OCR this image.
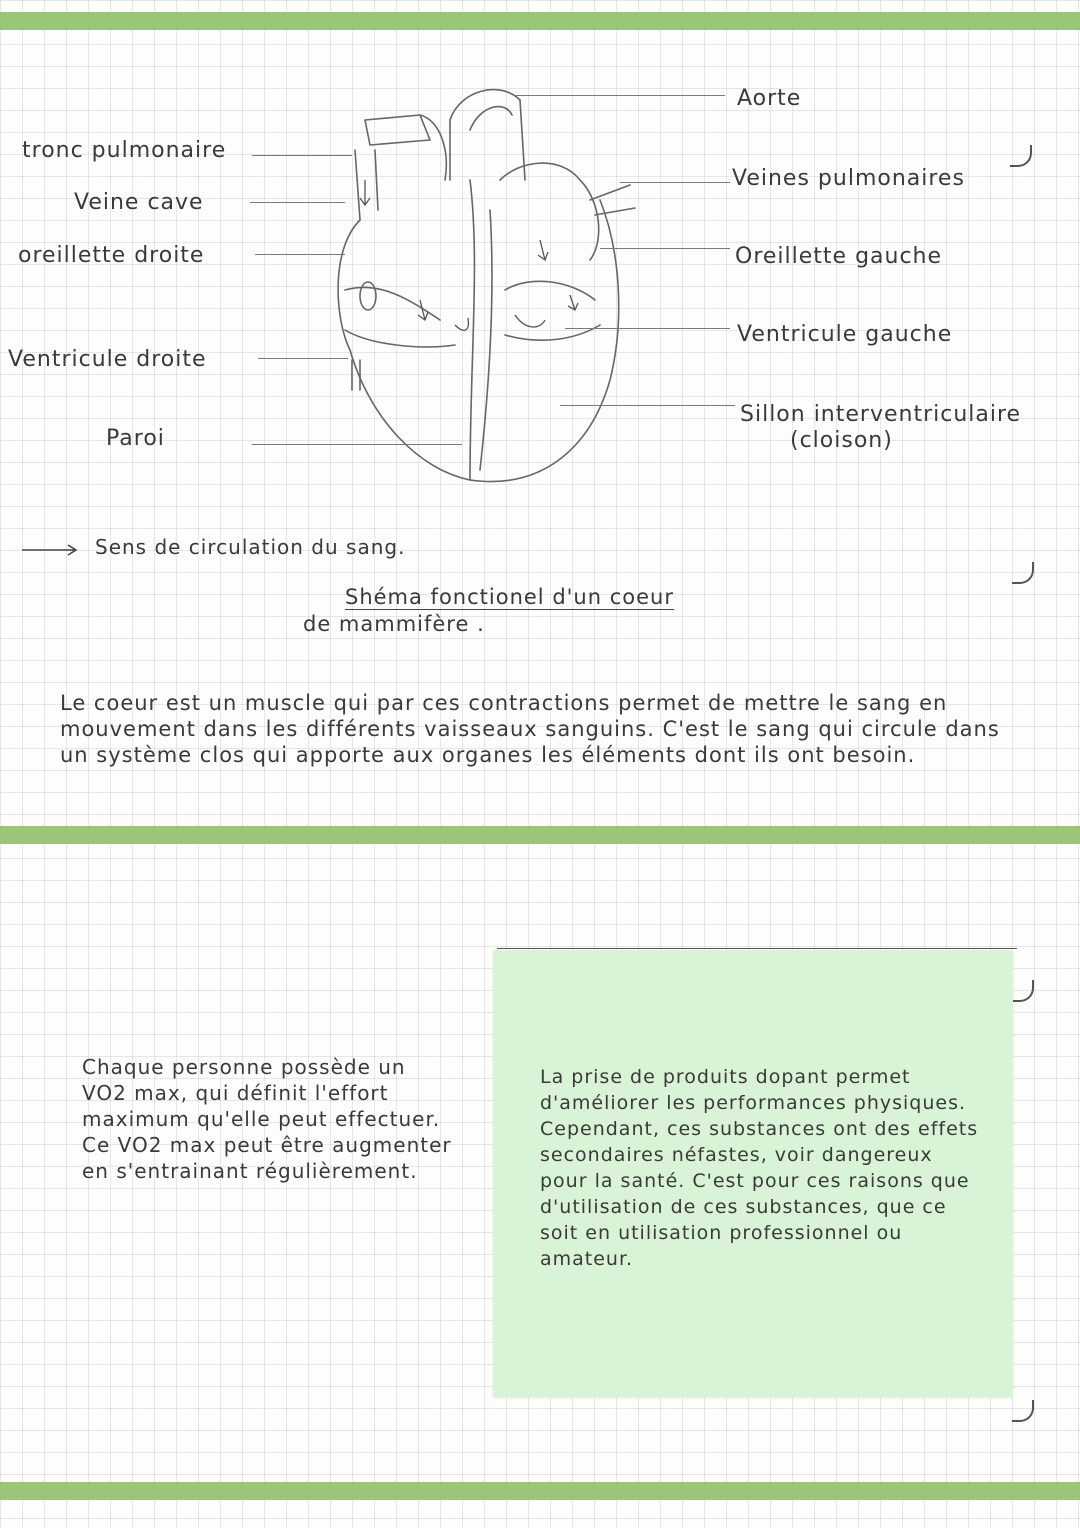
tronc pulmonaire
Veine cave
oreillette droite
Ventricule droite
Paroi
Aorte
Veines pulmonaires
Oreillette gauche
Ventricule gauche
Sillon interventriculaire
(cloison)
Sens de circulation du sang.
Shéma fonctionel d'un coeur
de mammifère .
Le coeur est un muscle qui par ces contractions permet de mettre le sang en mouvement dans les différents vaisseaux sanguins. C'est le sang qui circule dans un système clos qui apporte aux organes les éléments dont ils ont besoin.
Chaque personne possède un VO2 max, qui définit l'effort maximum qu'elle peut effectuer. Ce VO2 max peut être augmenter en s'entrainant régulièrement.
La prise de produits dopant permet d'améliorer les performances physiques. Cependant, ces substances ont des effets secondaires néfastes, voir dangereux pour la santé. C'est pour ces raisons que d'utilisation de ces substances, que ce soit en utilisation professionnel ou amateur.
